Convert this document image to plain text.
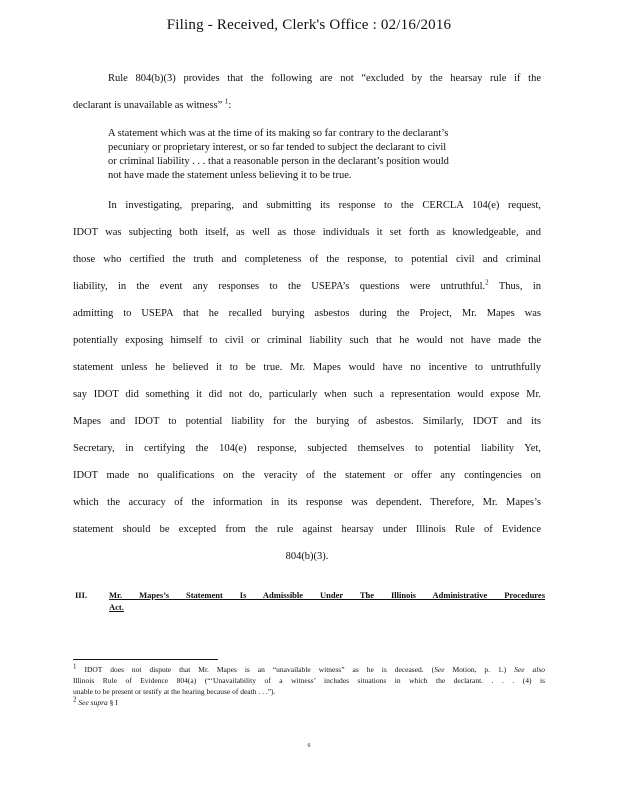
Filing - Received, Clerk's Office : 02/16/2016
Rule 804(b)(3) provides that the following are not “excluded by the hearsay rule if the
declarant is unavailable as witness” $^1$:
A statement which was at the time of its making so far contrary to the declarant’s
pecuniary or proprietary interest, or so far tended to subject the declarant to civil
or criminal liability . . . that a reasonable person in the declarant’s position would
not have made the statement unless believing it to be true.
In investigating, preparing, and submitting its response to the CERCLA 104(e) request,
IDOT was subjecting both itself, as well as those individuals it set forth as knowledgeable, and
those who certified the truth and completeness of the response, to potential civil and criminal
liability, in the event any responses to the USEPA’s questions were untruthful.$^2$ Thus, in
admitting to USEPA that he recalled burying asbestos during the Project, Mr. Mapes was
potentially exposing himself to civil or criminal liability such that he would not have made the
statement unless he believed it to be true. Mr. Mapes would have no incentive to untruthfully
say IDOT did something it did not do, particularly when such a representation would expose Mr.
Mapes and IDOT to potential liability for the burying of asbestos. Similarly, IDOT and its
Secretary, in certifying the 104(e) response, subjected themselves to potential liability Yet,
IDOT made no qualifications on the veracity of the statement or offer any contingencies on
which the accuracy of the information in its response was dependent. Therefore, Mr. Mapes’s
statement should be excepted from the rule against hearsay under Illinois Rule of Evidence
804(b)(3).
III.	Mr. Mapes’s Statement Is Admissible Under The Illinois Administrative Procedures
Act.
$^1$ IDOT does not dispute that Mr. Mapes is an “unavailable witness” as he is deceased. (See Motion, p. 1.) See also
Illinois Rule of Evidence 804(a) (“‘Unavailability of a witness’ includes situations in which the declarant. . . . (4) is
unable to be present or testify at the hearing because of death . . .”).
$^2$ See supra § I
6
